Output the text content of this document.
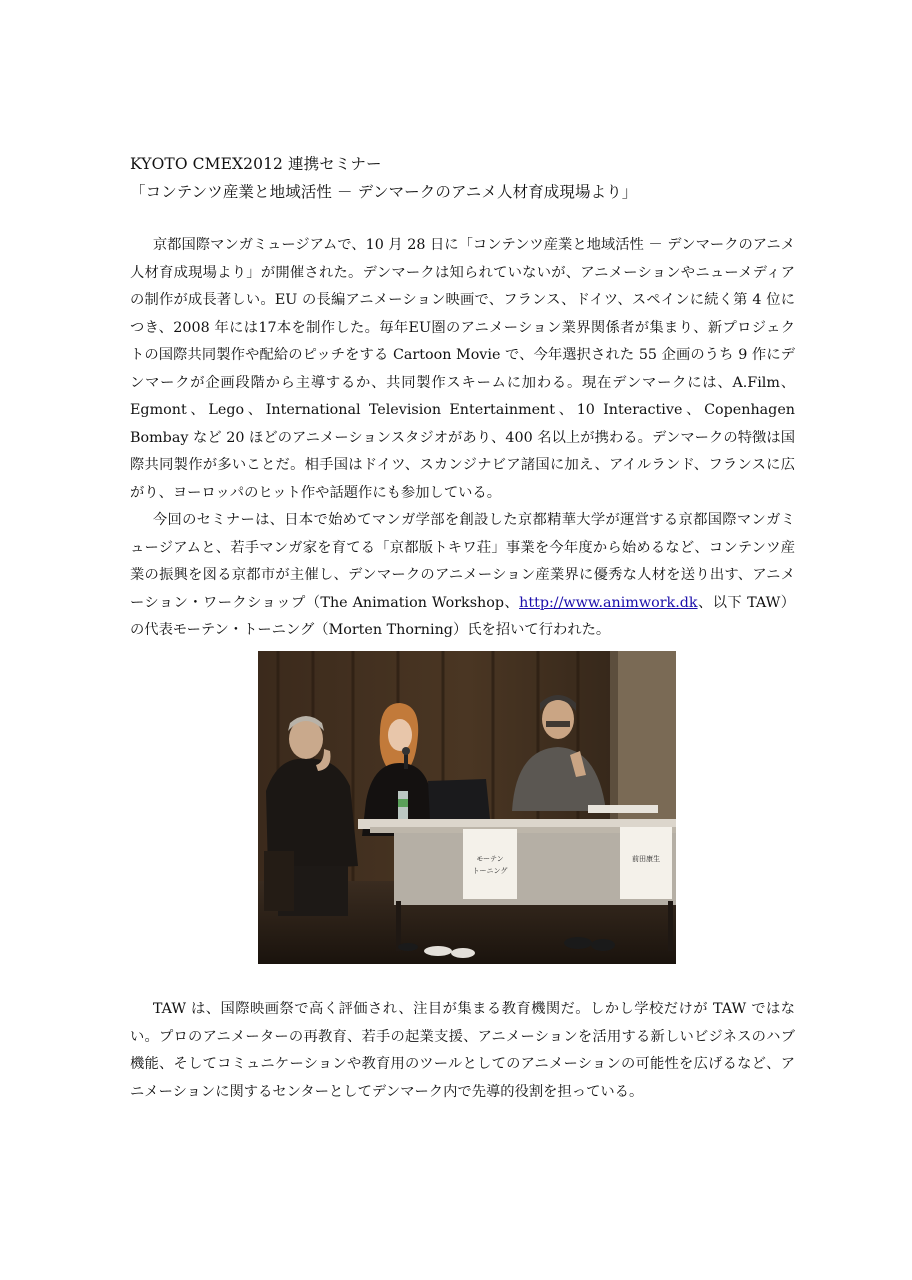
KYOTO CMEX2012 連携セミナー
「コンテンツ産業と地域活性 － デンマークのアニメ人材育成現場より」

京都国際マンガミュージアムで、10 月 28 日に「コンテンツ産業と地域活性 － デンマークのアニメ人材育成現場より」が開催された。デンマークは知られていないが、アニメーションやニューメディアの制作が成長著しい。EU の長編アニメーション映画で、フランス、ドイツ、スペインに続く第 4 位につき、2008 年には17本を制作した。毎年EU圏のアニメーション業界関係者が集まり、新プロジェクトの国際共同製作や配給のピッチをする Cartoon Movie で、今年選択された 55 企画のうち 9 作にデンマークが企画段階から主導するか、共同製作スキームに加わる。現在デンマークには、A.Film、Egmont、Lego、International Television Entertainment、10 Interactive、Copenhagen Bombay など 20 ほどのアニメーションスタジオがあり、400 名以上が携わる。デンマークの特徴は国際共同製作が多いことだ。相手国はドイツ、スカンジナビア諸国に加え、アイルランド、フランスに広がり、ヨーロッパのヒット作や話題作にも参加している。

今回のセミナーは、日本で始めてマンガ学部を創設した京都精華大学が運営する京都国際マンガミュージアムと、若手マンガ家を育てる「京都版トキワ荘」事業を今年度から始めるなど、コンテンツ産業の振興を図る京都市が主催し、デンマークのアニメーション産業界に優秀な人材を送り出す、アニメーション・ワークショップ（The Animation Workshop、http://www.animwork.dk、以下 TAW）の代表モーテン・トーニング（Morten Thorning）氏を招いて行われた。

モーテン
トーニング
前田康生

TAW は、国際映画祭で高く評価され、注目が集まる教育機関だ。しかし学校だけが TAW ではない。プロのアニメーターの再教育、若手の起業支援、アニメーションを活用する新しいビジネスのハブ機能、そしてコミュニケーションや教育用のツールとしてのアニメーションの可能性を広げるなど、アニメーションに関するセンターとしてデンマーク内で先導的役割を担っている。
